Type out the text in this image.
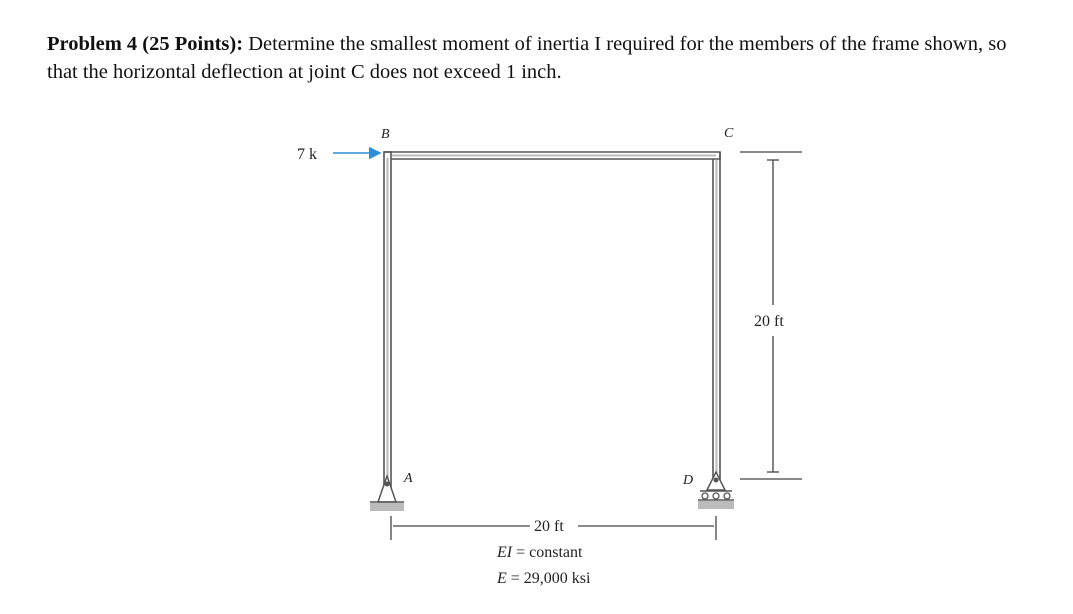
Problem 4 (25 Points): Determine the smallest moment of inertia I required for the members of the frame shown, so that the horizontal deflection at joint C does not exceed 1 inch.

7 k
B	C
A	D
20 ft
20 ft
EI = constant
E = 29,000 ksi
